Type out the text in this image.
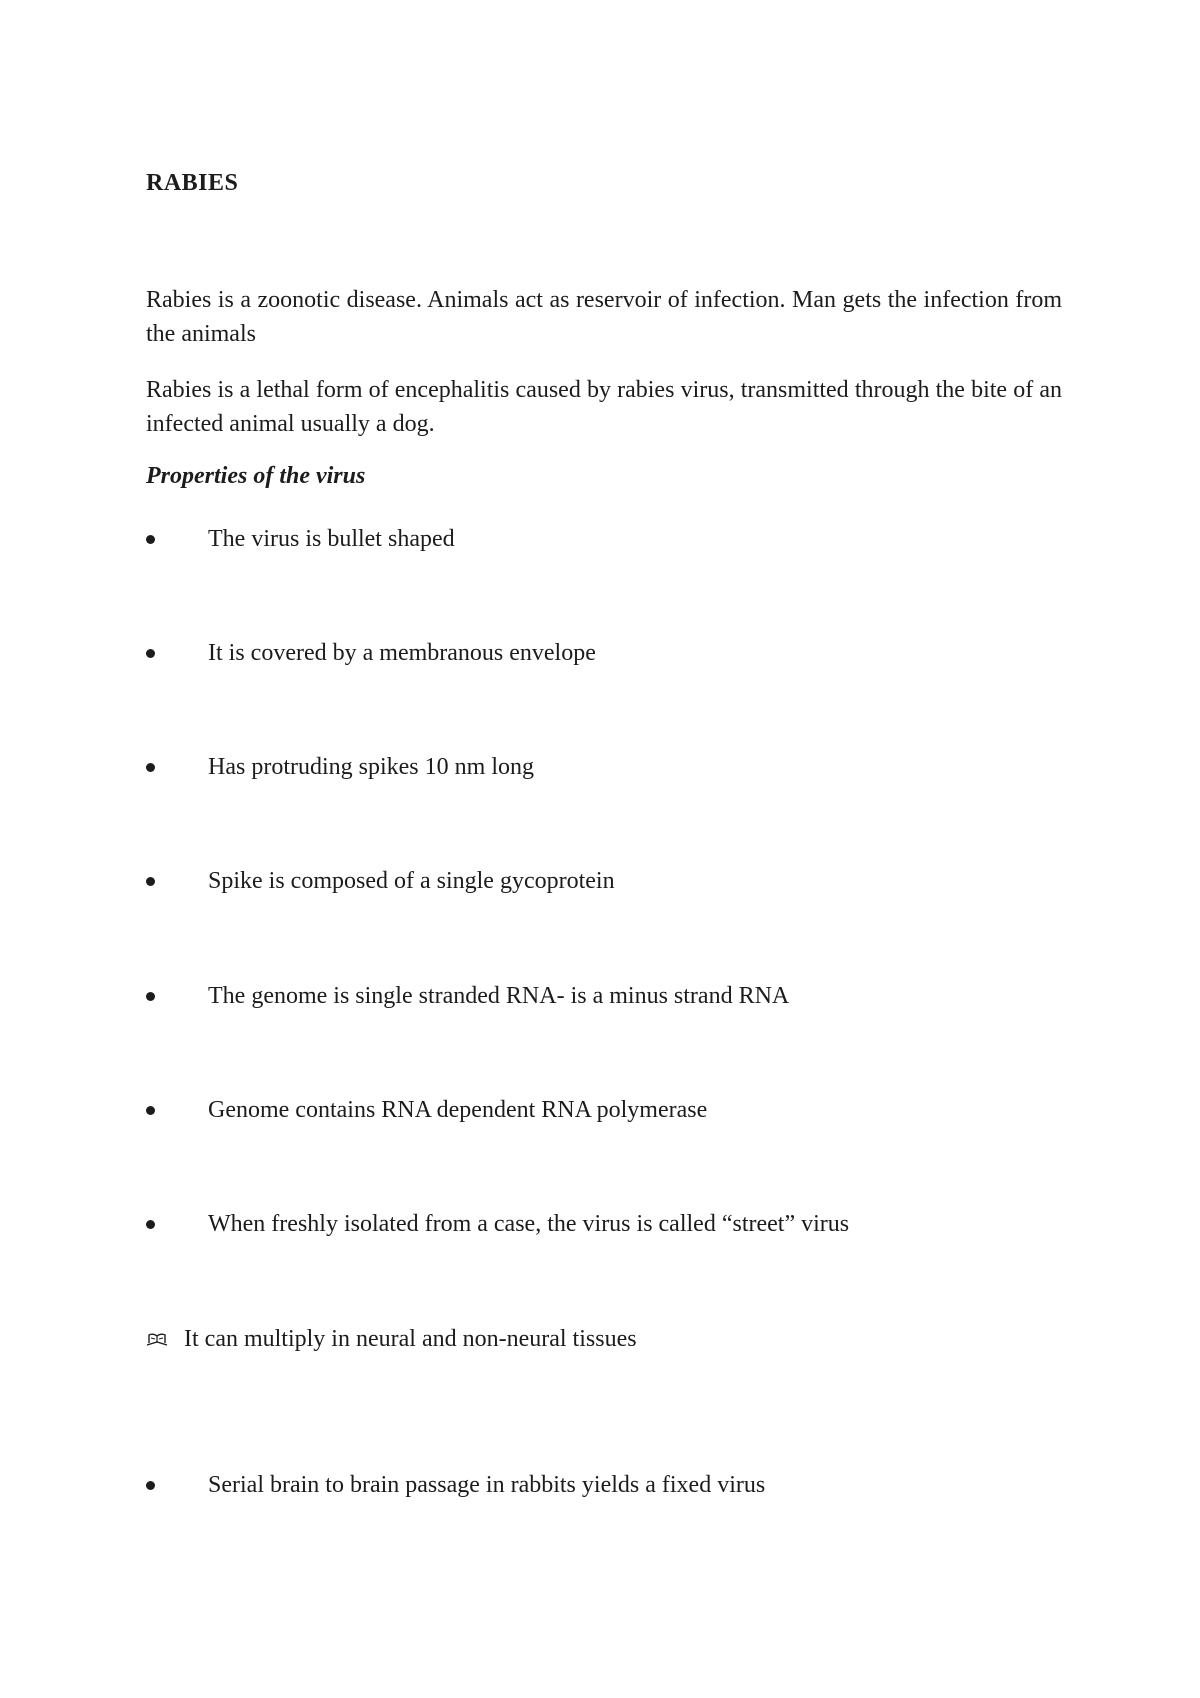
RABIES
Rabies is a zoonotic disease. Animals act as reservoir of infection. Man gets the infection from the animals
Rabies is a lethal form of encephalitis caused by rabies virus, transmitted through the bite of an infected animal usually a dog.
Properties of the virus
The virus is bullet shaped
It is covered by a membranous envelope
Has protruding spikes 10 nm long
Spike is composed of a single gycoprotein
The genome is single stranded RNA- is a minus strand RNA
Genome contains RNA dependent RNA polymerase
When freshly isolated from a case, the virus is called “street” virus
It can multiply in neural and non-neural tissues
Serial brain to brain passage in rabbits yields a fixed virus
